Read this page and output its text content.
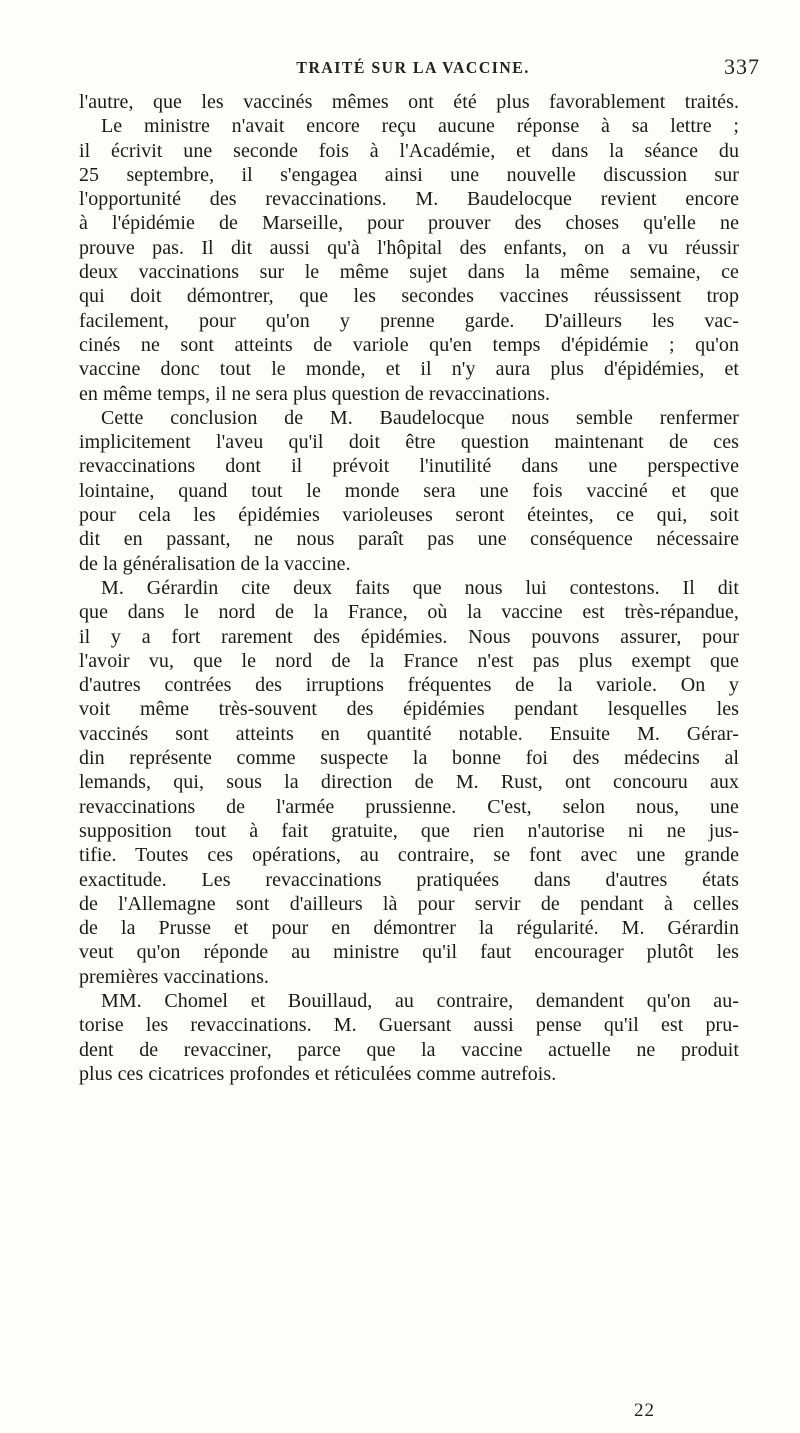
TRAITÉ SUR LA VACCINE.	337
l'autre, que les vaccinés mêmes ont été plus favorablement traités.
Le ministre n'avait encore reçu aucune réponse à sa lettre ;
il écrivit une seconde fois à l'Académie, et dans la séance du
25 septembre, il s'engagea ainsi une nouvelle discussion sur
l'opportunité des revaccinations. M. Baudelocque revient encore
à l'épidémie de Marseille, pour prouver des choses qu'elle ne
prouve pas. Il dit aussi qu'à l'hôpital des enfants, on a vu réussir
deux vaccinations sur le même sujet dans la même semaine, ce
qui doit démontrer, que les secondes vaccines réussissent trop
facilement, pour qu'on y prenne garde. D'ailleurs les vac-
cinés ne sont atteints de variole qu'en temps d'épidémie ; qu'on
vaccine donc tout le monde, et il n'y aura plus d'épidémies, et
en même temps, il ne sera plus question de revaccinations.
Cette conclusion de M. Baudelocque nous semble renfermer
implicitement l'aveu qu'il doit être question maintenant de ces
revaccinations dont il prévoit l'inutilité dans une perspective
lointaine, quand tout le monde sera une fois vacciné et que
pour cela les épidémies varioleuses seront éteintes, ce qui, soit
dit en passant, ne nous paraît pas une conséquence nécessaire
de la généralisation de la vaccine.
M. Gérardin cite deux faits que nous lui contestons. Il dit
que dans le nord de la France, où la vaccine est très-répandue,
il y a fort rarement des épidémies. Nous pouvons assurer, pour
l'avoir vu, que le nord de la France n'est pas plus exempt que
d'autres contrées des irruptions fréquentes de la variole. On y
voit même très-souvent des épidémies pendant lesquelles les
vaccinés sont atteints en quantité notable. Ensuite M. Gérar-
din représente comme suspecte la bonne foi des médecins al
lemands, qui, sous la direction de M. Rust, ont concouru aux
revaccinations de l'armée prussienne. C'est, selon nous, une
supposition tout à fait gratuite, que rien n'autorise ni ne jus-
tifie. Toutes ces opérations, au contraire, se font avec une grande
exactitude. Les revaccinations pratiquées dans d'autres états
de l'Allemagne sont d'ailleurs là pour servir de pendant à celles
de la Prusse et pour en démontrer la régularité. M. Gérardin
veut qu'on réponde au ministre qu'il faut encourager plutôt les
premières vaccinations.
MM. Chomel et Bouillaud, au contraire, demandent qu'on au-
torise les revaccinations. M. Guersant aussi pense qu'il est pru-
dent de revacciner, parce que la vaccine actuelle ne produit
plus ces cicatrices profondes et réticulées comme autrefois.
22
